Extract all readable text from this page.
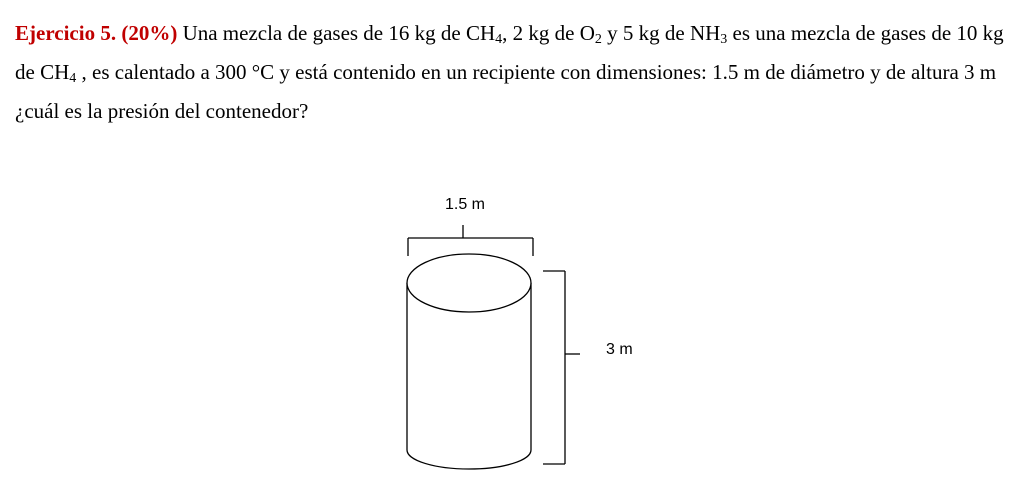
Ejercicio 5. (20%) Una mezcla de gases de 16 kg de $CH_4$, 2 kg de $O_2$ y 5 kg de $NH_3$ es una mezcla de gases de 10 kg de $CH_4$ , es calentado a 300 °C y está contenido en un recipiente con dimensiones: 1.5 m de diámetro y de altura 3 m ¿cuál es la presión del contenedor?

1.5 m
3 m
